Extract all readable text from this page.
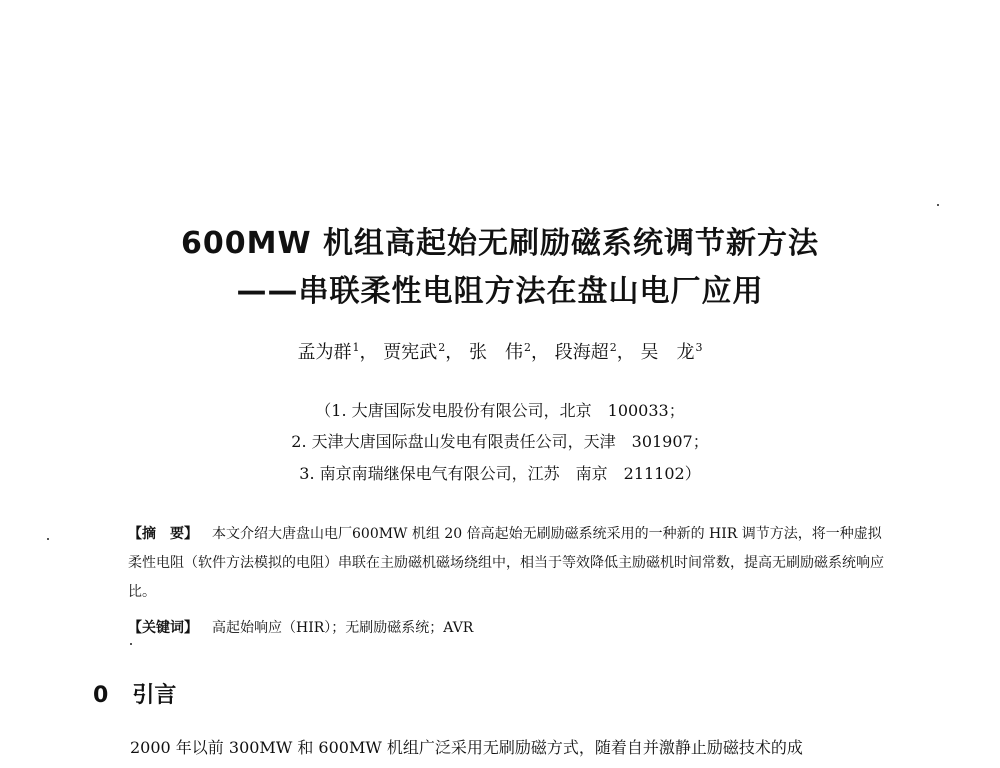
600MW 机组高起始无刷励磁系统调节新方法
——串联柔性电阻方法在盘山电厂应用
孟为群$^1$， 贾宪武$^2$， 张　伟$^2$， 段海超$^2$， 吴　龙$^3$
（1. 大唐国际发电股份有限公司，北京　100033；
2. 天津大唐国际盘山发电有限责任公司，天津　301907；
3. 南京南瑞继保电气有限公司，江苏　南京　211102）
【摘　要】 本文介绍大唐盘山电厂600MW 机组 20 倍高起始无刷励磁系统采用的一种新的 HIR 调节方法，将一种虚拟柔性电阻（软件方法模拟的电阻）串联在主励磁机磁场绕组中，相当于等效降低主励磁机时间常数，提高无刷励磁系统响应比。
【关键词】 高起始响应（HIR）；无刷励磁系统；AVR
0 引言
2000 年以前 300MW 和 600MW 机组广泛采用无刷励磁方式，随着自并激静止励磁技术的成
